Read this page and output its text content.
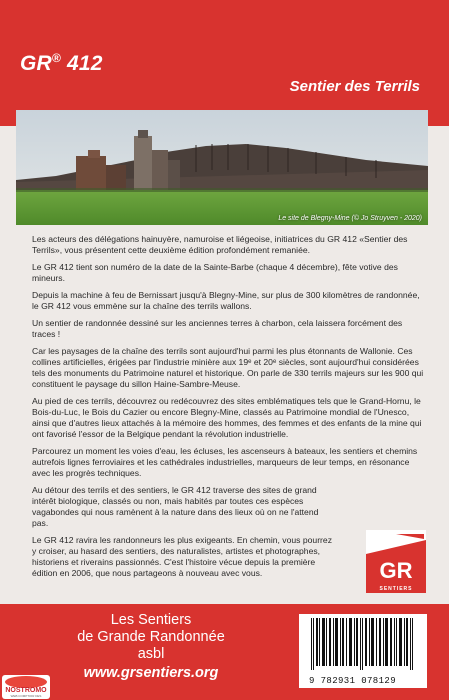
GR® 412
Sentier des Terrils
Le site de Blegny-Mine (© Jo Struyven - 2020)

Les acteurs des délégations hainuyère, namuroise et liégeoise, initiatrices du GR 412 «Sentier des Terrils», vous présentent cette deuxième édition profondément remaniée.

Le GR 412 tient son numéro de la date de la Sainte-Barbe (chaque 4 décembre), fête votive des mineurs.

Depuis la machine à feu de Bernissart jusqu'à Blegny-Mine, sur plus de 300 kilomètres de randonnée, le GR 412 vous emmène sur la chaîne des terrils wallons.

Un sentier de randonnée dessiné sur les anciennes terres à charbon, cela laissera forcément des traces !

Car les paysages de la chaîne des terrils sont aujourd'hui parmi les plus étonnants de Wallonie. Ces collines artificielles, érigées par l'industrie minière aux 19e et 20e siècles, sont aujourd'hui considérées tels des monuments du Patrimoine naturel et historique. On parle de 330 terrils majeurs sur les 900 qui constituent le paysage du sillon Haine-Sambre-Meuse.

Au pied de ces terrils, découvrez ou redécouvrez des sites emblématiques tels que le Grand-Hornu, le Bois-du-Luc, le Bois du Cazier ou encore Blegny-Mine, classés au Patrimoine mondial de l'Unesco, ainsi que d'autres lieux attachés à la mémoire des hommes, des femmes et des enfants de la mine qui ont favorisé l'essor de la Belgique pendant la révolution industrielle.

Parcourez un moment les voies d'eau, les écluses, les ascenseurs à bateaux, les sentiers et chemins autrefois lignes ferroviaires et les cathédrales industrielles, marqueurs de leur temps, en résonance avec les progrès techniques.

Au détour des terrils et des sentiers, le GR 412 traverse des sites de grand intérêt biologique, classés ou non, mais habités par toutes ces espèces vagabondes qui nous ramènent à la nature dans des lieux où on ne l'attend pas.

Le GR 412 ravira les randonneurs les plus exigeants. En chemin, vous pourrez y croiser, au hasard des sentiers, des naturalistes, artistes et photographes, historiens et riverains passionnés. C'est l'histoire vécue depuis la première édition en 2006, que nous partageons à nouveau avec vous.	GR
SENTIERS
Les Sentiers
de Grande Randonnée
asbl
www.grsentiers.org	9 782931 078129
NOSTROMO
WEB COMPTOIR DES VOYAGEURS
